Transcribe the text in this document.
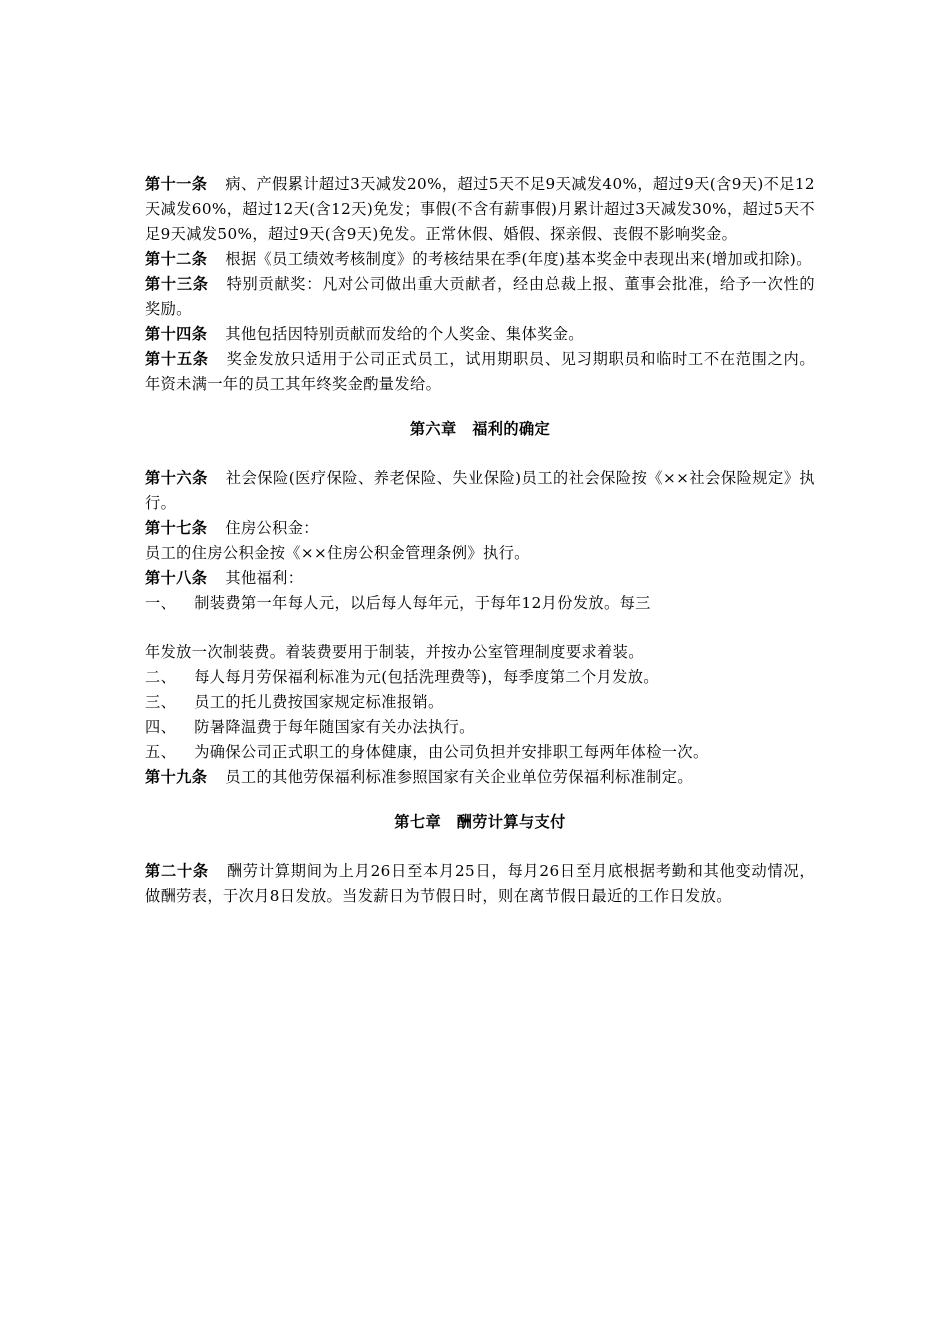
第十一条 病、产假累计超过3天减发20%，超过5天不足9天减发40%，超过9天(含9天)不足12天减发60%，超过12天(含12天)免发；事假(不含有薪事假)月累计超过3天减发30%，超过5天不足9天减发50%，超过9天(含9天)免发。正常休假、婚假、探亲假、丧假不影响奖金。

第十二条 根据《员工绩效考核制度》的考核结果在季(年度)基本奖金中表现出来(增加或扣除)。

第十三条 特别贡献奖：凡对公司做出重大贡献者，经由总裁上报、董事会批准，给予一次性的奖励。

第十四条 其他包括因特别贡献而发给的个人奖金、集体奖金。

第十五条 奖金发放只适用于公司正式员工，试用期职员、见习期职员和临时工不在范围之内。年资未满一年的员工其年终奖金酌量发给。

第六章　福利的确定

第十六条 社会保险(医疗保险、养老保险、失业保险)员工的社会保险按《××社会保险规定》执行。

第十七条 住房公积金：

员工的住房公积金按《××住房公积金管理条例》执行。

第十八条 其他福利：

一、 制装费第一年每人元，以后每人每年元，于每年12月份发放。每三

年发放一次制装费。着装费要用于制装，并按办公室管理制度要求着装。

二、 每人每月劳保福利标准为元(包括洗理费等)，每季度第二个月发放。

三、 员工的托儿费按国家规定标准报销。

四、 防暑降温费于每年随国家有关办法执行。

五、 为确保公司正式职工的身体健康，由公司负担并安排职工每两年体检一次。

第十九条 员工的其他劳保福利标准参照国家有关企业单位劳保福利标准制定。

第七章　酬劳计算与支付

第二十条 酬劳计算期间为上月26日至本月25日，每月26日至月底根据考勤和其他变动情况，做酬劳表，于次月8日发放。当发薪日为节假日时，则在离节假日最近的工作日发放。
